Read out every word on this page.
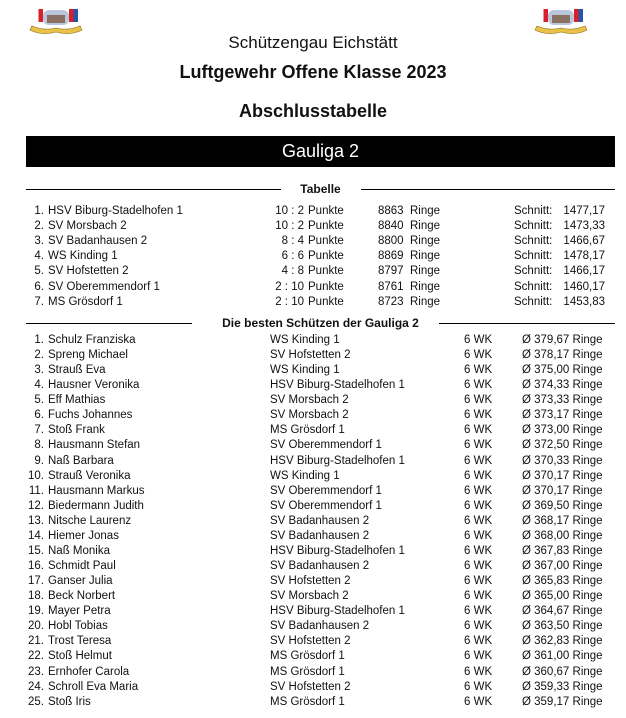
Schützengau Eichstätt
Luftgewehr Offene Klasse 2023
Abschlusstabelle
Gauliga 2
Tabelle
1. HSV Biburg-Stadelhofen 1	10 : 2 Punkte	8863 Ringe	Schnitt: 1477,17
2. SV Morsbach 2	10 : 2 Punkte	8840 Ringe	Schnitt: 1473,33
3. SV Badanhausen 2	8 : 4 Punkte	8800 Ringe	Schnitt: 1466,67
4. WS Kinding 1	6 : 6 Punkte	8869 Ringe	Schnitt: 1478,17
5. SV Hofstetten 2	4 : 8 Punkte	8797 Ringe	Schnitt: 1466,17
6. SV Oberemmendorf 1	2 : 10 Punkte	8761 Ringe	Schnitt: 1460,17
7. MS Grösdorf 1	2 : 10 Punkte	8723 Ringe	Schnitt: 1453,83
Die besten Schützen der Gauliga 2
1. Schulz Franziska	WS Kinding 1	6 WK	Ø 379,67 Ringe
2. Spreng Michael	SV Hofstetten 2	6 WK	Ø 378,17 Ringe
3. Strauß Eva	WS Kinding 1	6 WK	Ø 375,00 Ringe
4. Hausner Veronika	HSV Biburg-Stadelhofen 1	6 WK	Ø 374,33 Ringe
5. Eff Mathias	SV Morsbach 2	6 WK	Ø 373,33 Ringe
6. Fuchs Johannes	SV Morsbach 2	6 WK	Ø 373,17 Ringe
7. Stoß Frank	MS Grösdorf 1	6 WK	Ø 373,00 Ringe
8. Hausmann Stefan	SV Oberemmendorf 1	6 WK	Ø 372,50 Ringe
9. Naß Barbara	HSV Biburg-Stadelhofen 1	6 WK	Ø 370,33 Ringe
10. Strauß Veronika	WS Kinding 1	6 WK	Ø 370,17 Ringe
11. Hausmann Markus	SV Oberemmendorf 1	6 WK	Ø 370,17 Ringe
12. Biedermann Judith	SV Oberemmendorf 1	6 WK	Ø 369,50 Ringe
13. Nitsche Laurenz	SV Badanhausen 2	6 WK	Ø 368,17 Ringe
14. Hiemer Jonas	SV Badanhausen 2	6 WK	Ø 368,00 Ringe
15. Naß Monika	HSV Biburg-Stadelhofen 1	6 WK	Ø 367,83 Ringe
16. Schmidt Paul	SV Badanhausen 2	6 WK	Ø 367,00 Ringe
17. Ganser Julia	SV Hofstetten 2	6 WK	Ø 365,83 Ringe
18. Beck Norbert	SV Morsbach 2	6 WK	Ø 365,00 Ringe
19. Mayer Petra	HSV Biburg-Stadelhofen 1	6 WK	Ø 364,67 Ringe
20. Hobl Tobias	SV Badanhausen 2	6 WK	Ø 363,50 Ringe
21. Trost Teresa	SV Hofstetten 2	6 WK	Ø 362,83 Ringe
22. Stoß Helmut	MS Grösdorf 1	6 WK	Ø 361,00 Ringe
23. Ernhofer Carola	MS Grösdorf 1	6 WK	Ø 360,67 Ringe
24. Schroll Eva Maria	SV Hofstetten 2	6 WK	Ø 359,33 Ringe
25. Stoß Iris	MS Grösdorf 1	6 WK	Ø 359,17 Ringe
